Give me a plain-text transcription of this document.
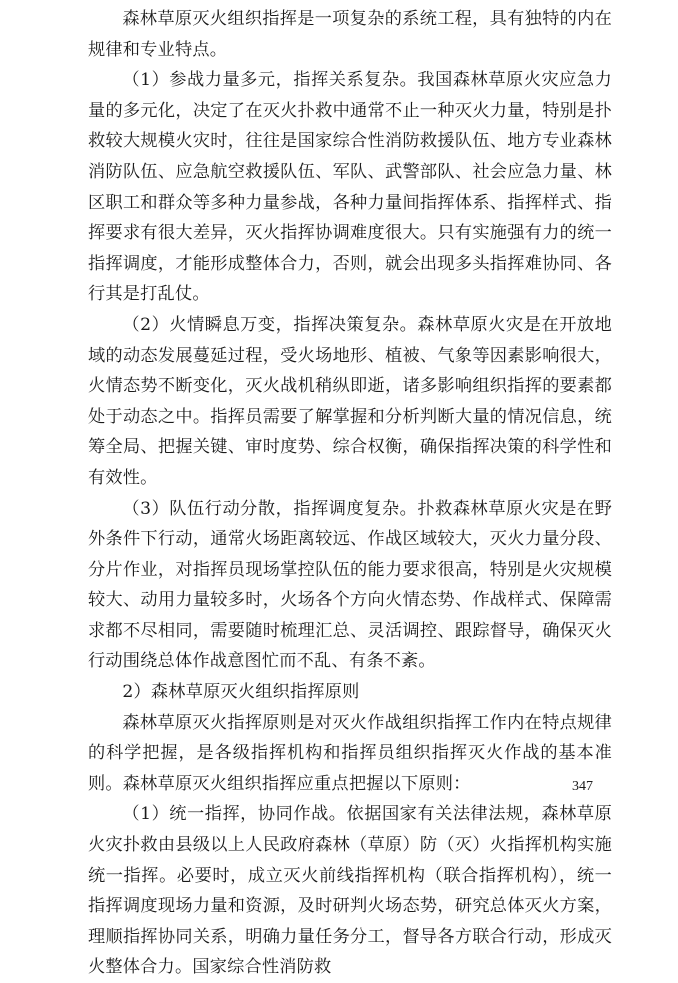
森林草原灭火组织指挥是一项复杂的系统工程，具有独特的内在规律和专业特点。

（1）参战力量多元，指挥关系复杂。我国森林草原火灾应急力量的多元化，决定了在灭火扑救中通常不止一种灭火力量，特别是扑救较大规模火灾时，往往是国家综合性消防救援队伍、地方专业森林消防队伍、应急航空救援队伍、军队、武警部队、社会应急力量、林区职工和群众等多种力量参战，各种力量间指挥体系、指挥样式、指挥要求有很大差异，灭火指挥协调难度很大。只有实施强有力的统一指挥调度，才能形成整体合力，否则，就会出现多头指挥难协同、各行其是打乱仗。

（2）火情瞬息万变，指挥决策复杂。森林草原火灾是在开放地域的动态发展蔓延过程，受火场地形、植被、气象等因素影响很大，火情态势不断变化，灭火战机稍纵即逝，诸多影响组织指挥的要素都处于动态之中。指挥员需要了解掌握和分析判断大量的情况信息，统筹全局、把握关键、审时度势、综合权衡，确保指挥决策的科学性和有效性。

（3）队伍行动分散，指挥调度复杂。扑救森林草原火灾是在野外条件下行动，通常火场距离较远、作战区域较大，灭火力量分段、分片作业，对指挥员现场掌控队伍的能力要求很高，特别是火灾规模较大、动用力量较多时，火场各个方向火情态势、作战样式、保障需求都不尽相同，需要随时梳理汇总、灵活调控、跟踪督导，确保灭火行动围绕总体作战意图忙而不乱、有条不紊。

2）森林草原灭火组织指挥原则

森林草原灭火指挥原则是对灭火作战组织指挥工作内在特点规律的科学把握，是各级指挥机构和指挥员组织指挥灭火作战的基本准则。森林草原灭火组织指挥应重点把握以下原则：

（1）统一指挥，协同作战。依据国家有关法律法规，森林草原火灾扑救由县级以上人民政府森林（草原）防（灭）火指挥机构实施统一指挥。必要时，成立灭火前线指挥机构（联合指挥机构），统一指挥调度现场力量和资源，及时研判火场态势，研究总体灭火方案，理顺指挥协同关系，明确力量任务分工，督导各方联合行动，形成灭火整体合力。国家综合性消防救

347
